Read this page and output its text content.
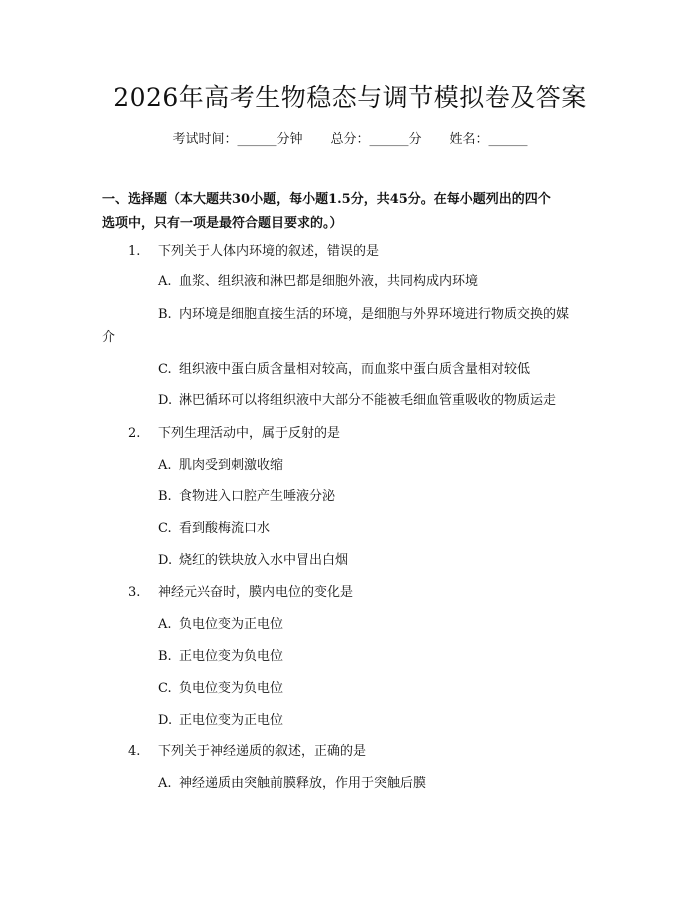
2026年高考生物稳态与调节模拟卷及答案
考试时间：______分钟 总分：______分 姓名：______
一、选择题（本大题共30小题，每小题1.5分，共45分。在每小题列出的四个
选项中，只有一项是最符合题目要求的。）
1. 下列关于人体内环境的叙述，错误的是
A. 血浆、组织液和淋巴都是细胞外液，共同构成内环境
B. 内环境是细胞直接生活的环境，是细胞与外界环境进行物质交换的媒
介
C. 组织液中蛋白质含量相对较高，而血浆中蛋白质含量相对较低
D. 淋巴循环可以将组织液中大部分不能被毛细血管重吸收的物质运走
2. 下列生理活动中，属于反射的是
A. 肌肉受到刺激收缩
B. 食物进入口腔产生唾液分泌
C. 看到酸梅流口水
D. 烧红的铁块放入水中冒出白烟
3. 神经元兴奋时，膜内电位的变化是
A. 负电位变为正电位
B. 正电位变为负电位
C. 负电位变为负电位
D. 正电位变为正电位
4. 下列关于神经递质的叙述，正确的是
A. 神经递质由突触前膜释放，作用于突触后膜
